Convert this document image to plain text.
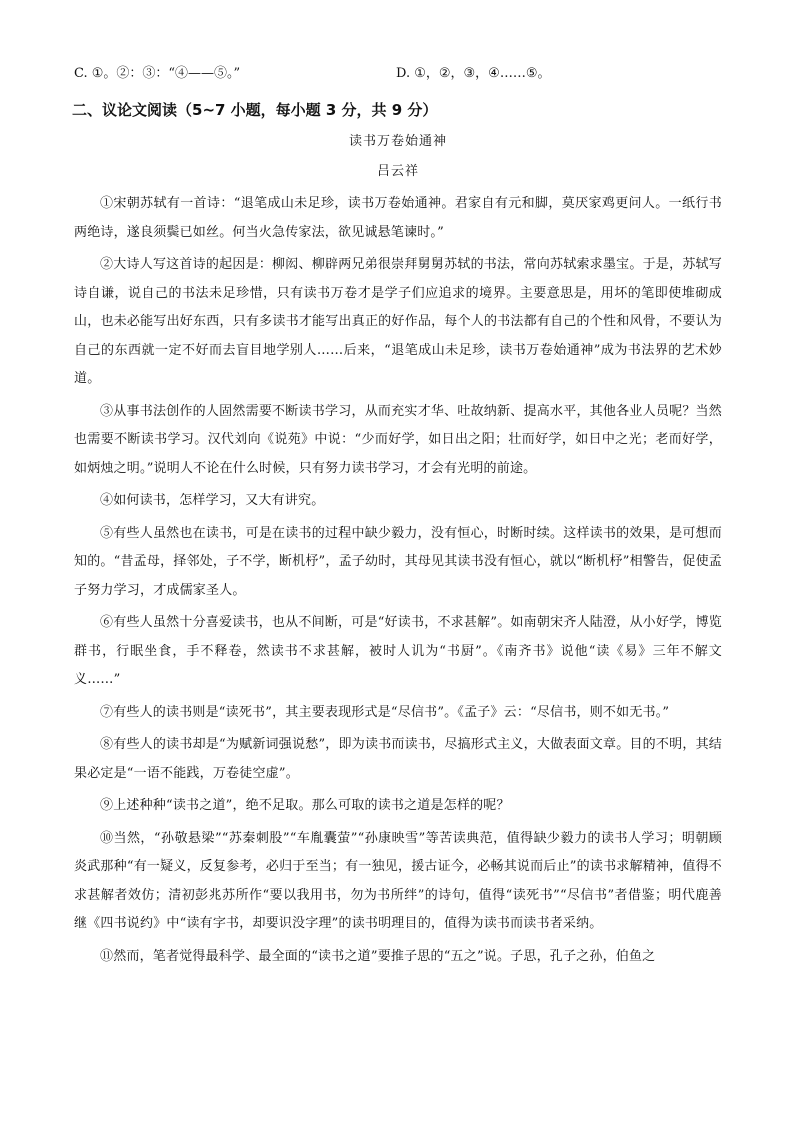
C. ①。②：③：“④——⑤。”	D. ①，②，③，④……⑤。
二、议论文阅读（5~7 小题，每小题 3 分，共 9 分）
读书万卷始通神
吕云祥

①宋朝苏轼有一首诗：“退笔成山未足珍，读书万卷始通神。君家自有元和脚，莫厌家鸡更问人。一纸行书两绝诗，遂良须鬓已如丝。何当火急传家法，欲见诚悬笔谏时。”

②大诗人写这首诗的起因是：柳闳、柳辟两兄弟很崇拜舅舅苏轼的书法，常向苏轼索求墨宝。于是，苏轼写诗自谦，说自己的书法未足珍惜，只有读书万卷才是学子们应追求的境界。主要意思是，用坏的笔即使堆砌成山，也未必能写出好东西，只有多读书才能写出真正的好作品，每个人的书法都有自己的个性和风骨，不要认为自己的东西就一定不好而去盲目地学别人……后来，“退笔成山未足珍，读书万卷始通神”成为书法界的艺术妙道。

③从事书法创作的人固然需要不断读书学习，从而充实才华、吐故纳新、提高水平，其他各业人员呢？当然也需要不断读书学习。汉代刘向《说苑》中说：“少而好学，如日出之阳；壮而好学，如日中之光；老而好学，如炳烛之明。”说明人不论在什么时候，只有努力读书学习，才会有光明的前途。

④如何读书，怎样学习，又大有讲究。

⑤有些人虽然也在读书，可是在读书的过程中缺少毅力，没有恒心，时断时续。这样读书的效果，是可想而知的。“昔孟母，择邻处，子不学，断机杼”，孟子幼时，其母见其读书没有恒心，就以“断机杼”相警告，促使孟子努力学习，才成儒家圣人。

⑥有些人虽然十分喜爱读书，也从不间断，可是“好读书，不求甚解”。如南朝宋齐人陆澄，从小好学，博览群书，行眠坐食，手不释卷，然读书不求甚解，被时人讥为“书厨”。《南齐书》说他“读《易》三年不解文义……”

⑦有些人的读书则是“读死书”，其主要表现形式是“尽信书”。《孟子》云：“尽信书，则不如无书。”

⑧有些人的读书却是“为赋新词强说愁”，即为读书而读书，尽搞形式主义，大做表面文章。目的不明，其结果必定是“一语不能践，万卷徒空虚”。

⑨上述种种“读书之道”，绝不足取。那么可取的读书之道是怎样的呢？

⑩当然，“孙敬悬梁”“苏秦刺股”“车胤囊萤”“孙康映雪”等苦读典范，值得缺少毅力的读书人学习；明朝顾炎武那种“有一疑义，反复参考，必归于至当；有一独见，援古证今，必畅其说而后止”的读书求解精神，值得不求甚解者效仿；清初彭兆苏所作“要以我用书，勿为书所绊”的诗句，值得“读死书”“尽信书”者借鉴；明代鹿善继《四书说约》中“读有字书，却要识没字理”的读书明理目的，值得为读书而读书者采纳。

⑪然而，笔者觉得最科学、最全面的“读书之道”要推子思的“五之”说。子思，孔子之孙，伯鱼之
